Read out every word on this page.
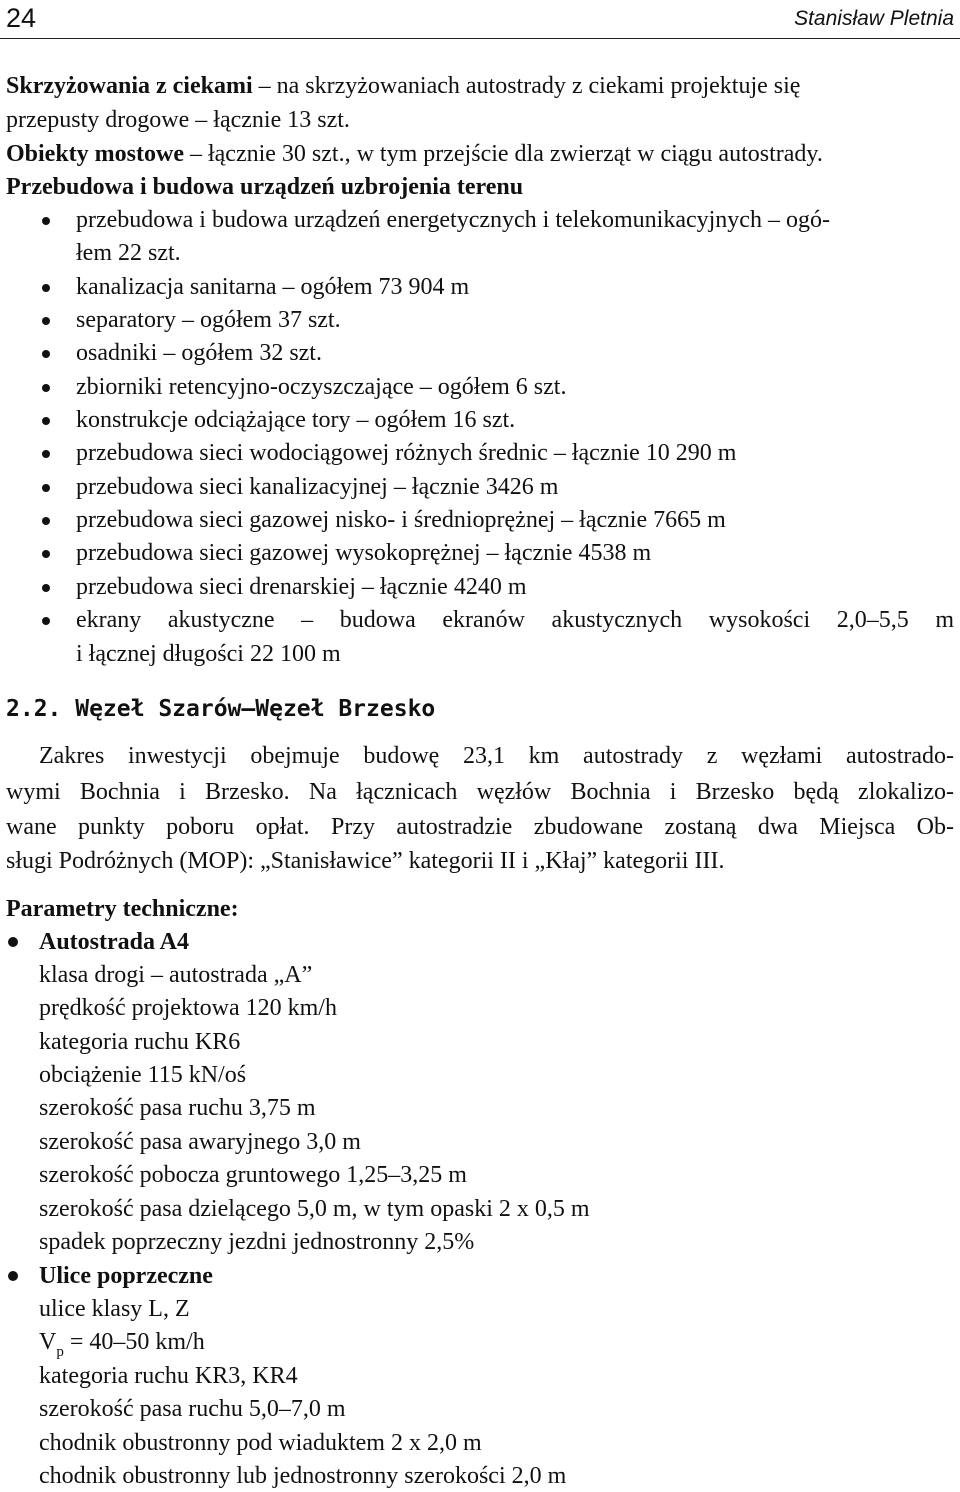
24	Stanisław Pletnia
Skrzyżowania z ciekami – na skrzyżowaniach autostrady z ciekami projektuje się
przepusty drogowe – łącznie 13 szt.
Obiekty mostowe – łącznie 30 szt., w tym przejście dla zwierząt w ciągu autostrady.
Przebudowa i budowa urządzeń uzbrojenia terenu
przebudowa i budowa urządzeń energetycznych i telekomunikacyjnych – ogó-
łem 22 szt.
kanalizacja sanitarna – ogółem 73 904 m
separatory – ogółem 37 szt.
osadniki – ogółem 32 szt.
zbiorniki retencyjno-oczyszczające – ogółem 6 szt.
konstrukcje odciążające tory – ogółem 16 szt.
przebudowa sieci wodociągowej różnych średnic – łącznie 10 290 m
przebudowa sieci kanalizacyjnej – łącznie 3426 m
przebudowa sieci gazowej nisko- i średnioprężnej – łącznie 7665 m
przebudowa sieci gazowej wysokoprężnej – łącznie 4538 m
przebudowa sieci drenarskiej – łącznie 4240 m
ekrany akustyczne – budowa ekranów akustycznych wysokości 2,0–5,5 m
i łącznej długości 22 100 m
2.2. Węzeł Szarów–Węzeł Brzesko
Zakres inwestycji obejmuje budowę 23,1 km autostrady z węzłami autostrado-
wymi Bochnia i Brzesko. Na łącznicach węzłów Bochnia i Brzesko będą zlokalizo-
wane punkty poboru opłat. Przy autostradzie zbudowane zostaną dwa Miejsca Ob-
sługi Podróżnych (MOP): „Stanisławice” kategorii II i „Kłaj” kategorii III.
Parametry techniczne:
Autostrada A4
klasa drogi – autostrada „A”
prędkość projektowa 120 km/h
kategoria ruchu KR6
obciążenie 115 kN/oś
szerokość pasa ruchu 3,75 m
szerokość pasa awaryjnego 3,0 m
szerokość pobocza gruntowego 1,25–3,25 m
szerokość pasa dzielącego 5,0 m, w tym opaski 2 x 0,5 m
spadek poprzeczny jezdni jednostronny 2,5%
Ulice poprzeczne
ulice klasy L, Z
$V_p = 40-50$ km/h
kategoria ruchu KR3, KR4
szerokość pasa ruchu 5,0–7,0 m
chodnik obustronny pod wiaduktem 2 x 2,0 m
chodnik obustronny lub jednostronny szerokości 2,0 m
